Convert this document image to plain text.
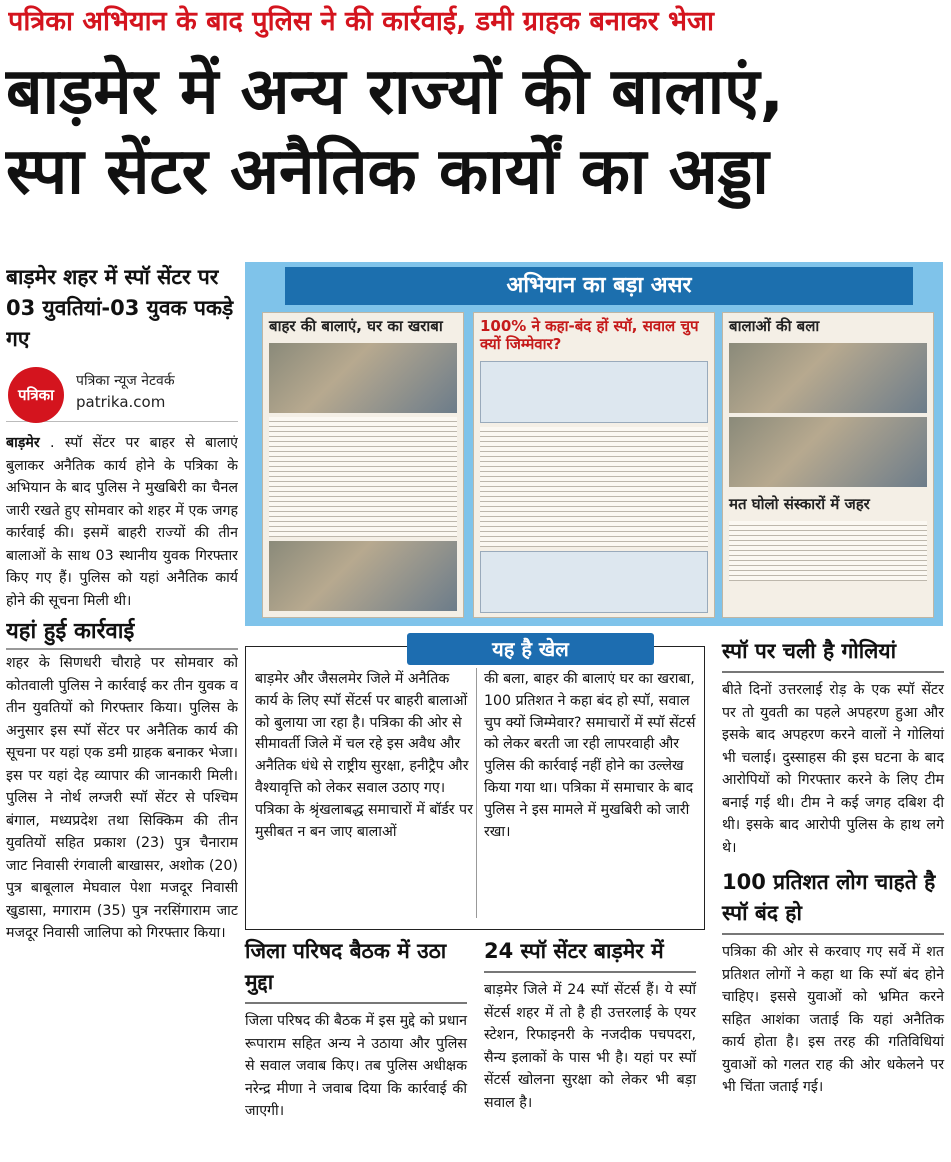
पत्रिका अभियान के बाद पुलिस ने की कार्रवाई, डमी ग्राहक बनाकर भेजा
बाड़मेर में अन्य राज्यों की बालाएं,
स्पा सेंटर अनैतिक कार्यों का अड्डा
बाड़मेर शहर में स्पॉ सेंटर पर 03 युवतियां-03 युवक पकड़े गए
पत्रिका
पत्रिका न्यूज नेटवर्क
patrika.com

बाड़मेर . स्पॉ सेंटर पर बाहर से बालाएं बुलाकर अनैतिक कार्य होने के पत्रिका के अभियान के बाद पुलिस ने मुखबिरी का चैनल जारी रखते हुए सोमवार को शहर में एक जगह कार्रवाई की। इसमें बाहरी राज्यों की तीन बालाओं के साथ 03 स्थानीय युवक गिरफ्तार किए गए हैं। पुलिस को यहां अनैतिक कार्य होने की सूचना मिली थी।

यहां हुई कार्रवाई

शहर के सिणधरी चौराहे पर सोमवार को कोतवाली पुलिस ने कार्रवाई कर तीन युवक व तीन युवतियों को गिरफ्तार किया। पुलिस के अनुसार इस स्पॉ सेंटर पर अनैतिक कार्य की सूचना पर यहां एक डमी ग्राहक बनाकर भेजा। इस पर यहां देह व्यापार की जानकारी मिली। पुलिस ने नोर्थ लग्जरी स्पॉ सेंटर से पश्चिम बंगाल, मध्यप्रदेश तथा सिक्किम की तीन युवतियों सहित प्रकाश (23) पुत्र चैनाराम जाट निवासी रंगवाली बाखासर, अशोक (20) पुत्र बाबूलाल मेघवाल पेशा मजदूर निवासी खुडासा, मगाराम (35) पुत्र नरसिंगाराम जाट मजदूर निवासी जालिपा को गिरफ्तार किया।

अभियान का बड़ा असर
बाहर की बालाएं, घर का खराबा	100% ने कहा-बंद हों स्पॉ, सवाल चुप क्यों जिम्मेवार?
बालाओं की बला
मत घोलो संस्कारों में जहर
यह है खेल

बाड़मेर और जैसलमेर जिले में अनैतिक कार्य के लिए स्पॉ सेंटर्स पर बाहरी बालाओं को बुलाया जा रहा है। पत्रिका की ओर से सीमावर्ती जिले में चल रहे इस अवैध और अनैतिक धंधे से राष्ट्रीय सुरक्षा, हनीट्रैप और वैश्यावृत्ति को लेकर सवाल उठाए गए। पत्रिका के श्रृंखलाबद्ध समाचारों में बॉर्डर पर मुसीबत न बन जाए बालाओं

की बला, बाहर की बालाएं घर का खराबा, 100 प्रतिशत ने कहा बंद हो स्पॉ, सवाल चुप क्यों जिम्मेवार? समाचारों में स्पॉ सेंटर्स को लेकर बरती जा रही लापरवाही और पुलिस की कार्रवाई नहीं होने का उल्लेख किया गया था। पत्रिका में समाचार के बाद पुलिस ने इस मामले में मुखबिरी को जारी रखा।

जिला परिषद बैठक में उठा मुद्दा

जिला परिषद की बैठक में इस मुद्दे को प्रधान रूपाराम सहित अन्य ने उठाया और पुलिस से सवाल जवाब किए। तब पुलिस अधीक्षक नरेन्द्र मीणा ने जवाब दिया कि कार्रवाई की जाएगी।

24 स्पॉ सेंटर बाड़मेर में

बाड़मेर जिले में 24 स्पॉ सेंटर्स हैं। ये स्पॉ सेंटर्स शहर में तो है ही उत्तरलाई के एयर स्टेशन, रिफाइनरी के नजदीक पचपदरा, सैन्य इलाकों के पास भी है। यहां पर स्पॉ सेंटर्स खोलना सुरक्षा को लेकर भी बड़ा सवाल है।

स्पॉ पर चली है गोलियां

बीते दिनों उत्तरलाई रोड़ के एक स्पॉ सेंटर पर तो युवती का पहले अपहरण हुआ और इसके बाद अपहरण करने वालों ने गोलियां भी चलाई। दुस्साहस की इस घटना के बाद आरोपियों को गिरफ्तार करने के लिए टीम बनाई गई थी। टीम ने कई जगह दबिश दी थी। इसके बाद आरोपी पुलिस के हाथ लगे थे।

100 प्रतिशत लोग चाहते है स्पॉ बंद हो

पत्रिका की ओर से करवाए गए सर्वे में शत प्रतिशत लोगों ने कहा था कि स्पॉ बंद होने चाहिए। इससे युवाओं को भ्रमित करने सहित आशंका जताई कि यहां अनैतिक कार्य होता है। इस तरह की गतिविधियां युवाओं को गलत राह की ओर धकेलने पर भी चिंता जताई गई।
